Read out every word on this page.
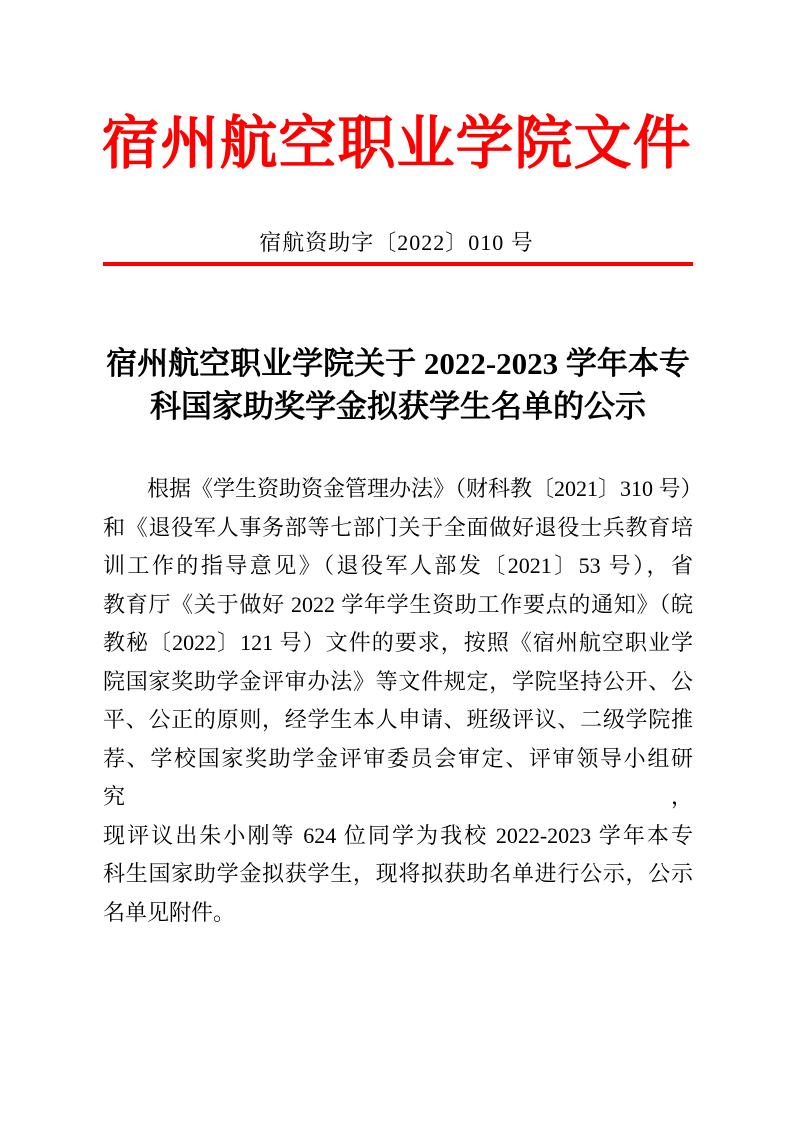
宿州航空职业学院文件
宿航资助字〔2022〕010 号
宿州航空职业学院关于 2022-2023 学年本专
科国家助奖学金拟获学生名单的公示
根据《学生资助资金管理办法》（财科教〔2021〕310 号）
和《退役军人事务部等七部门关于全面做好退役士兵教育培
训工作的指导意见》（退役军人部发〔2021〕53 号），省
教育厅《关于做好 2022 学年学生资助工作要点的通知》（皖
教秘〔2022〕121 号）文件的要求，按照《宿州航空职业学
院国家奖助学金评审办法》等文件规定，学院坚持公开、公
平、公正的原则，经学生本人申请、班级评议、二级学院推
荐、学校国家奖助学金评审委员会审定、评审领导小组研究，
现评议出朱小刚等 624 位同学为我校 2022-2023 学年本专
科生国家助学金拟获学生，现将拟获助名单进行公示，公示
名单见附件。
